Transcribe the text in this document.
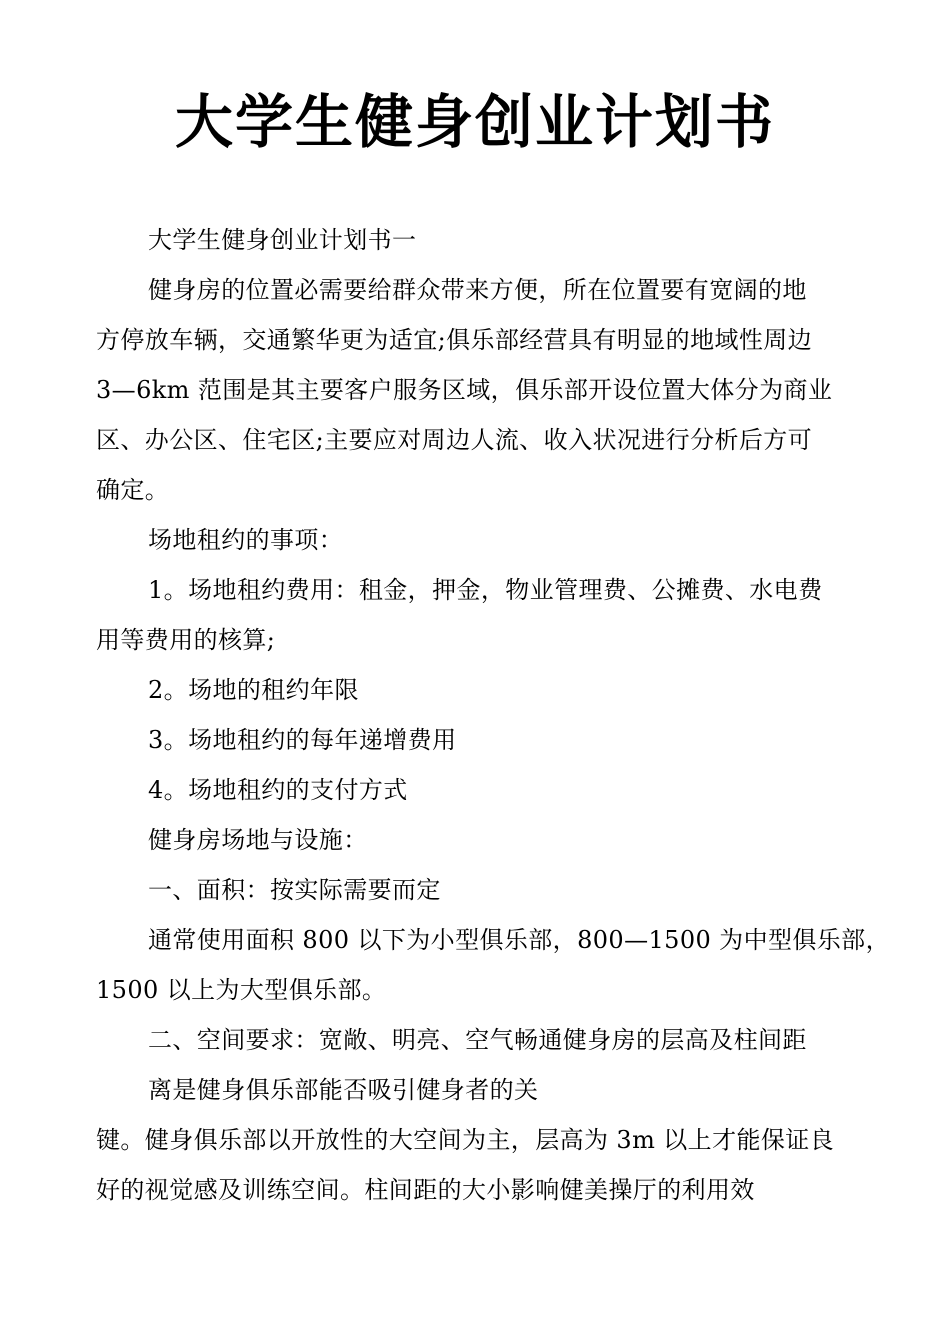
大学生健身创业计划书
大学生健身创业计划书一
健身房的位置必需要给群众带来方便，所在位置要有宽阔的地
方停放车辆，交通繁华更为适宜;俱乐部经营具有明显的地域性周边
3—6km 范围是其主要客户服务区域，俱乐部开设位置大体分为商业
区、办公区、住宅区;主要应对周边人流、收入状况进行分析后方可
确定。
场地租约的事项：
1。场地租约费用：租金，押金，物业管理费、公摊费、水电费
用等费用的核算;
2。场地的租约年限
3。场地租约的每年递增费用
4。场地租约的支付方式
健身房场地与设施：
一、面积：按实际需要而定
通常使用面积 800 以下为小型俱乐部，800—1500 为中型俱乐部，
1500 以上为大型俱乐部。
二、空间要求：宽敞、明亮、空气畅通健身房的层高及柱间距
离是健身俱乐部能否吸引健身者的关
键。健身俱乐部以开放性的大空间为主，层高为 3m 以上才能保证良
好的视觉感及训练空间。柱间距的大小影响健美操厅的利用效
